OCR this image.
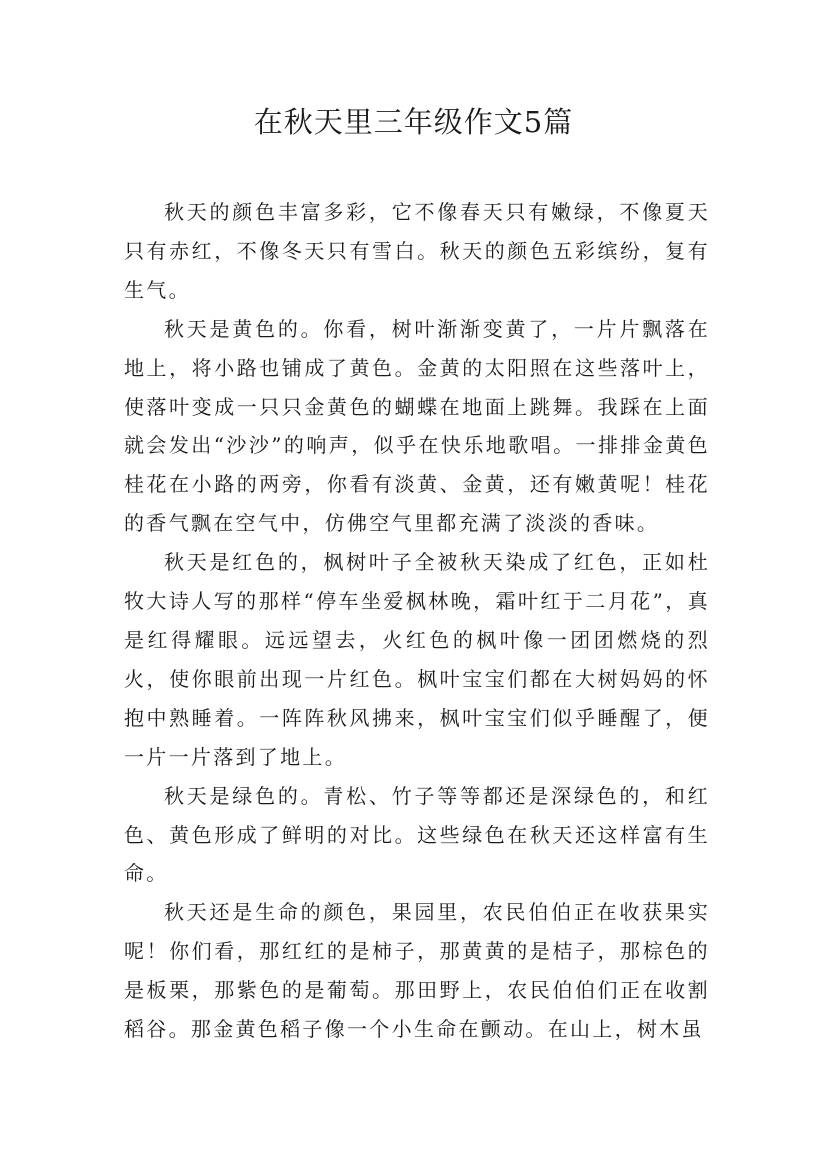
在秋天里三年级作文5篇

秋天的颜色丰富多彩，它不像春天只有嫩绿，不像夏天只有赤红，不像冬天只有雪白。秋天的颜色五彩缤纷，复有生气。

秋天是黄色的。你看，树叶渐渐变黄了，一片片飘落在地上，将小路也铺成了黄色。金黄的太阳照在这些落叶上，使落叶变成一只只金黄色的蝴蝶在地面上跳舞。我踩在上面就会发出“沙沙”的响声，似乎在快乐地歌唱。一排排金黄色桂花在小路的两旁，你看有淡黄、金黄，还有嫩黄呢！桂花的香气飘在空气中，仿佛空气里都充满了淡淡的香味。

秋天是红色的，枫树叶子全被秋天染成了红色，正如杜牧大诗人写的那样“停车坐爱枫林晚，霜叶红于二月花”，真是红得耀眼。远远望去，火红色的枫叶像一团团燃烧的烈火，使你眼前出现一片红色。枫叶宝宝们都在大树妈妈的怀抱中熟睡着。一阵阵秋风拂来，枫叶宝宝们似乎睡醒了，便一片一片落到了地上。

秋天是绿色的。青松、竹子等等都还是深绿色的，和红色、黄色形成了鲜明的对比。这些绿色在秋天还这样富有生命。

秋天还是生命的颜色，果园里，农民伯伯正在收获果实呢！你们看，那红红的是柿子，那黄黄的是桔子，那棕色的是板栗，那紫色的是葡萄。那田野上，农民伯伯们正在收割稻谷。那金黄色稻子像一个小生命在颤动。在山上，树木虽
